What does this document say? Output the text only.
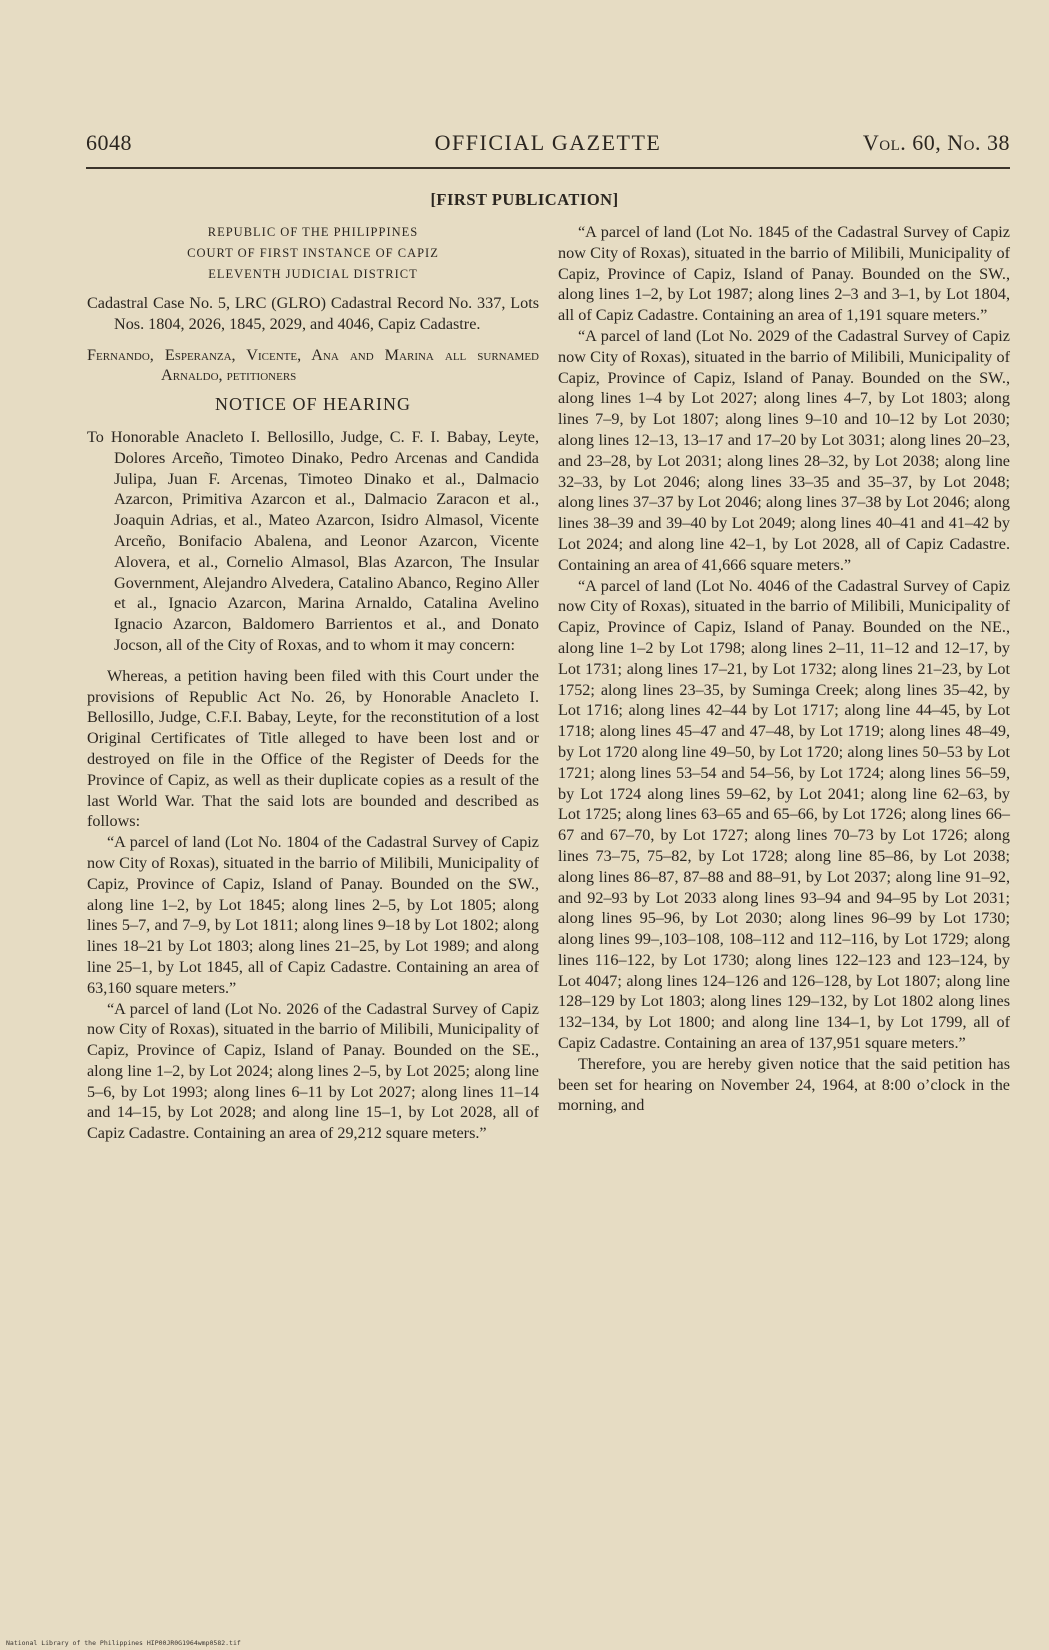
6048	OFFICIAL GAZETTE	Vol. 60, No. 38
[FIRST PUBLICATION]
REPUBLIC OF THE PHILIPPINES
COURT OF FIRST INSTANCE OF CAPIZ
ELEVENTH JUDICIAL DISTRICT

Cadastral Case No. 5, LRC (GLRO) Cadastral Record No. 337, Lots Nos. 1804, 2026, 1845, 2029, and 4046, Capiz Cadastre.

Fernando, Esperanza, Vicente, Ana and Marina all surnamed Arnaldo, petitioners

NOTICE OF HEARING

To Honorable Anacleto I. Bellosillo, Judge, C. F. I. Babay, Leyte, Dolores Arceño, Timoteo Dinako, Pedro Arcenas and Candida Julipa, Juan F. Arcenas, Timoteo Dinako et al., Dalmacio Azarcon, Primitiva Azarcon et al., Dalmacio Zaracon et al., Joaquin Adrias, et al., Mateo Azarcon, Isidro Almasol, Vicente Arceño, Bonifacio Abalena, and Leonor Azarcon, Vicente Alovera, et al., Cornelio Almasol, Blas Azarcon, The Insular Government, Alejandro Alvedera, Catalino Abanco, Regino Aller et al., Ignacio Azarcon, Marina Arnaldo, Catalina Avelino Ignacio Azarcon, Baldomero Barrientos et al., and Donato Jocson, all of the City of Roxas, and to whom it may concern:

Whereas, a petition having been filed with this Court under the provisions of Republic Act No. 26, by Honorable Anacleto I. Bellosillo, Judge, C.F.I. Babay, Leyte, for the reconstitution of a lost Original Certificates of Title alleged to have been lost and or destroyed on file in the Office of the Register of Deeds for the Province of Capiz, as well as their duplicate copies as a result of the last World War. That the said lots are bounded and described as follows:

“A parcel of land (Lot No. 1804 of the Cadastral Survey of Capiz now City of Roxas), situated in the barrio of Milibili, Municipality of Capiz, Province of Capiz, Island of Panay. Bounded on the SW., along line 1–2, by Lot 1845; along lines 2–5, by Lot 1805; along lines 5–7, and 7–9, by Lot 1811; along lines 9–18 by Lot 1802; along lines 18–21 by Lot 1803; along lines 21–25, by Lot 1989; and along line 25–1, by Lot 1845, all of Capiz Cadastre. Containing an area of 63,160 square meters.”

“A parcel of land (Lot No. 2026 of the Cadastral Survey of Capiz now City of Roxas), situated in the barrio of Milibili, Municipality of Capiz, Province of Capiz, Island of Panay. Bounded on the SE., along line 1–2, by Lot 2024; along lines 2–5, by Lot 2025; along line 5–6, by Lot 1993; along lines 6–11 by Lot 2027; along lines 11–14 and 14–15, by Lot 2028; and along line 15–1, by Lot 2028, all of Capiz Cadastre. Containing an area of 29,212 square meters.”

“A parcel of land (Lot No. 1845 of the Cadastral Survey of Capiz now City of Roxas), situated in the barrio of Milibili, Municipality of Capiz, Province of Capiz, Island of Panay. Bounded on the SW., along lines 1–2, by Lot 1987; along lines 2–3 and 3–1, by Lot 1804, all of Capiz Cadastre. Containing an area of 1,191 square meters.”

“A parcel of land (Lot No. 2029 of the Cadastral Survey of Capiz now City of Roxas), situated in the barrio of Milibili, Municipality of Capiz, Province of Capiz, Island of Panay. Bounded on the SW., along lines 1–4 by Lot 2027; along lines 4–7, by Lot 1803; along lines 7–9, by Lot 1807; along lines 9–10 and 10–12 by Lot 2030; along lines 12–13, 13–17 and 17–20 by Lot 3031; along lines 20–23, and 23–28, by Lot 2031; along lines 28–32, by Lot 2038; along line 32–33, by Lot 2046; along lines 33–35 and 35–37, by Lot 2048; along lines 37–37 by Lot 2046; along lines 37–38 by Lot 2046; along lines 38–39 and 39–40 by Lot 2049; along lines 40–41 and 41–42 by Lot 2024; and along line 42–1, by Lot 2028, all of Capiz Cadastre. Containing an area of 41,666 square meters.”

“A parcel of land (Lot No. 4046 of the Cadastral Survey of Capiz now City of Roxas), situated in the barrio of Milibili, Municipality of Capiz, Province of Capiz, Island of Panay. Bounded on the NE., along line 1–2 by Lot 1798; along lines 2–11, 11–12 and 12–17, by Lot 1731; along lines 17–21, by Lot 1732; along lines 21–23, by Lot 1752; along lines 23–35, by Suminga Creek; along lines 35–42, by Lot 1716; along lines 42–44 by Lot 1717; along line 44–45, by Lot 1718; along lines 45–47 and 47–48, by Lot 1719; along lines 48–49, by Lot 1720 along line 49–50, by Lot 1720; along lines 50–53 by Lot 1721; along lines 53–54 and 54–56, by Lot 1724; along lines 56–59, by Lot 1724 along lines 59–62, by Lot 2041; along line 62–63, by Lot 1725; along lines 63–65 and 65–66, by Lot 1726; along lines 66–67 and 67–70, by Lot 1727; along lines 70–73 by Lot 1726; along lines 73–75, 75–82, by Lot 1728; along line 85–86, by Lot 2038; along lines 86–87, 87–88 and 88–91, by Lot 2037; along line 91–92, and 92–93 by Lot 2033 along lines 93–94 and 94–95 by Lot 2031; along lines 95–96, by Lot 2030; along lines 96–99 by Lot 1730; along lines 99–,103–108, 108–112 and 112–116, by Lot 1729; along lines 116–122, by Lot 1730; along lines 122–123 and 123–124, by Lot 4047; along lines 124–126 and 126–128, by Lot 1807; along line 128–129 by Lot 1803; along lines 129–132, by Lot 1802 along lines 132–134, by Lot 1800; and along line 134–1, by Lot 1799, all of Capiz Cadastre. Containing an area of 137,951 square meters.”

Therefore, you are hereby given notice that the said petition has been set for hearing on November 24, 1964, at 8:00 o’clock in the morning, and

National Library of the Philippines HIP00JR0G1964wmp0582.tif
